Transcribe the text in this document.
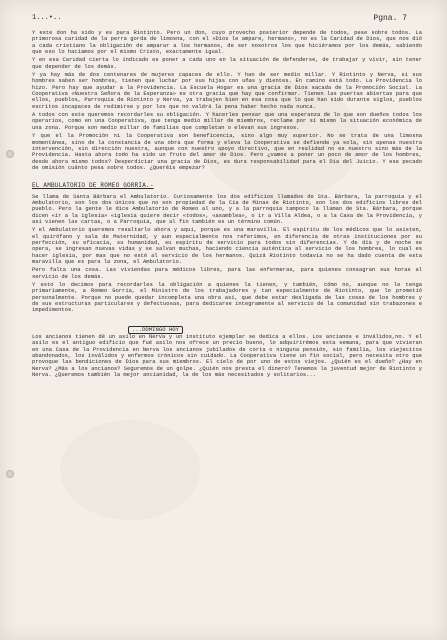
1...•..	Pgna. 7

Y este don ha sido y es para Riotinto. Pero un don, cuyo provecho posterior depende de todos, pese sobre todos. La primorosa caridad de la perra gorda de limosna, con el «Dios le ampare, hermano», no es la Caridad de Dios, que nos dió a cada cristiano la obligación de amparar a los hermanos, de ser nosotros los que hiciéramos por los demás, sabiendo que eso lo hacíamos por el mismo Cristo, exactamente igual.

Y en esa Caridad cierta lo indicado es poner a cada uno en la situación de defenderse, de trabajar y vivir, sin tener que depender de los demás.

Y ya hay más de dos centenares de mujeres capaces de ello. Y han de ser medio millar. Y Riotinto y Nerva, si sus hombres saben ser hombres, tienen que luchar por sus hijas con uñas y dientes. En camino está todo. La Providencia lo hizo. Pero hay que ayudar a la Providencia. La Escuela Hogar es una gracia de Dios sacada de la Promoción Social. La Cooperativa «Nuestra Señora de la Esperanza» es otra gracia que hay que confirmar. Tienen las puertas abiertas para que ellos, pueblos, Parroquia de Riotinto y Nerva, ya trabajen bien en esa cosa que lo que han sido durante siglos, pueblos escritos incapaces de redimirse y por los que no valdrá la pena haber hecho nada nunca.

A todos con este queremos recordarles su obligación. Y hacerles pensar que una esperanza de lo que son dueños todos los operarios, como en una Cooperativa, que tenga medio millar de miembros, reclame por sí mismo la situación económica de una zona. Porque son medio millar de familias que completan o elevan sus ingresos.

Y que el la Promoción ni la Cooperativa son beneficencia, sino algo muy superior. No se trata de una limosna momentánea, sino de la constancia de una obra que forma y eleva la Cooperativa se defiende ya sola, sin apenas nuestra intervención, sin dirección nuestra, aunque con nuestro apoyo directivo, que en realidad no es nuestro sino más de la Providencia. Hasta ahora todo ha sido un fruto del amor de Dios. Pero ¿vamos a poner un poco de amor de los hombres, desde ahora mismo todos? Desperdiciar una gracia de Dios, es dura responsabilidad para el Día del Juicio. Y ese pecado de omisión cuánto pesa sobre todos. ¿Queréis empezar?

EL AMBULATORIO DE ROMEO GORRIA.-

Se llama de Santa Bárbara el Ambulatorio. Curiosamente los dos edificios llamados de Sta. Bárbara, la parroquia y el Ambulatorio, son los dos únicos que no son propiedad de la Cía de Minas de Riotinto, son los dos edificios libres del pueblo. Pero la gente le dice Ambulatorio de Romeo al uno, y a la parroquia tampoco la llaman de Sta. Bárbara, porque dicen «ir a la iglesia» «iglesia quiere decir «todos», «asamblea», o ir a Villa Aldea, o a la Casa de la Providencia, y así vienen las cartas, o a Parroquia, que al fin también es un término común.

Y el Ambulatorio queremos resaltarlo ahora y aquí, porque es una maravilla. El espíritu de los médicos que lo asisten, el quirófano y sala de Maternidad, y aun especialmente nos referimos, en diferencia de otras instituciones por su perfección, su eficacia, su humanidad, su espíritu de servicio para todos sin diferencias. Y de día y de noche se opera, se ingresan nuevas vidas y se salvan muchas, haciendo ciencia auténtica al servicio de los hombres, lo cual es hacer iglesia, por mas que no esté al servicio de los hermanos. Quizá Riotinto todavía no se ha dado cuenta de esta maravilla que es para la zona, el Ambulatorio.

Pero falta una cosa. Las viviendas para médicos libres, para las enfermeras, para quienes consagran sus horas al servicio de los demás.

Y esto lo decimos para recordarles la obligación a quienes la tienen, y también, cómo no, aunque no le tenga primariamente, a Romeo Gorría, el Ministro de los trabajadores y tan especialmente de Riotinto, que lo prometió personalmente. Porque no puede quedar incompleta una obra así, que debe estar desligada de las cosas de los hombres y de sus estructuras particulares y defectuosas, para dedicarse íntegramente al servicio de la comunidad sin trabazones e impedimentos.

...DOMINGO HOY

Los ancianos tienen dé un asilo en Nerva y un instituto ejemplar se dedica a ellos. Los ancianos e inválidos,no. Y el asilo es el antiguo edificio que fué asilo nos ofrece un precio bueno, lo adquirirémos esta semana, para que vivieran en una Casa de la Providencia en Nerva los ancianos jubilados de corta o ninguna pensión, sin familia, los viejecitos abandonados, los inválidos y enfermos crónicos sin cuidado. La Cooperativa tiene un fin social, pero necesita otro que provoque las bendiciones de Dios para sus miembros. El cielo de por uno de estos viejos. ¿Quién es el dueño? ¿Hay en Nerva? ¿Más a los ancianos? Seguremos de un golpe. ¿Quién nos presta el dinero? Tenemos la juventud mejor de Riotinto y Nerva. ¿Queremos también la mejor ancianidad, la de los más necesitados y solitarios...
